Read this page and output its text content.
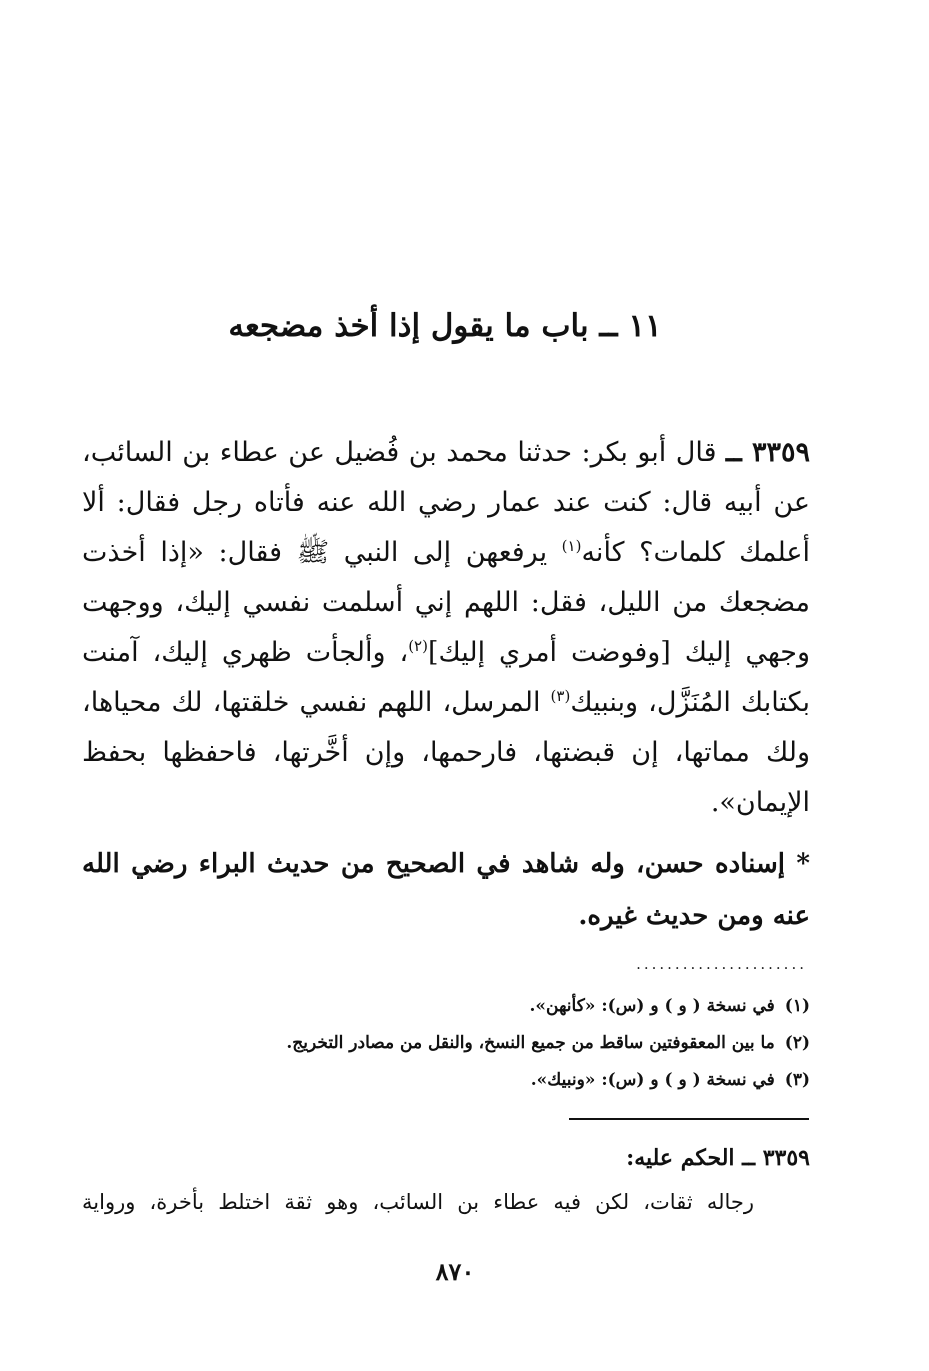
١١ ــ باب ما يقول إذا أخذ مضجعه

٣٣٥٩ ــ قال أبو بكر: حدثنا محمد بن فُضيل عن عطاء بن السائب، عن أبيه قال: كنت عند عمار رضي الله عنه فأتاه رجل فقال: ألا أعلمك كلمات؟ كأنه$^{(١)}$ يرفعهن إلى النبي ﷺ فقال: «إذا أخذت مضجعك من الليل، فقل: اللهم إني أسلمت نفسي إليك، ووجهت وجهي إليك [وفوضت أمري إليك]$^{(٢)}$، وألجأت ظهري إليك، آمنت بكتابك المُنَزَّل، وبنبيك$^{(٣)}$ المرسل، اللهم نفسي خلقتها، لك محياها، ولك مماتها، إن قبضتها، فارحمها، وإن أخَّرتها، فاحفظها بحفظ الإيمان».

* إسناده حسن، وله شاهد في الصحيح من حديث البراء رضي الله عنه ومن حديث غيره.

......................
(١)في نسخة ( و ) و (س): «كأنهن».
(٢)ما بين المعقوفتين ساقط من جميع النسخ، والنقل من مصادر التخريج.
(٣)في نسخة ( و ) و (س): «ونبيك».
٣٣٥٩ ــ الحكم عليه:
رجاله ثقات، لكن فيه عطاء بن السائب، وهو ثقة اختلط بأخرة، ورواية
٨٧٠
